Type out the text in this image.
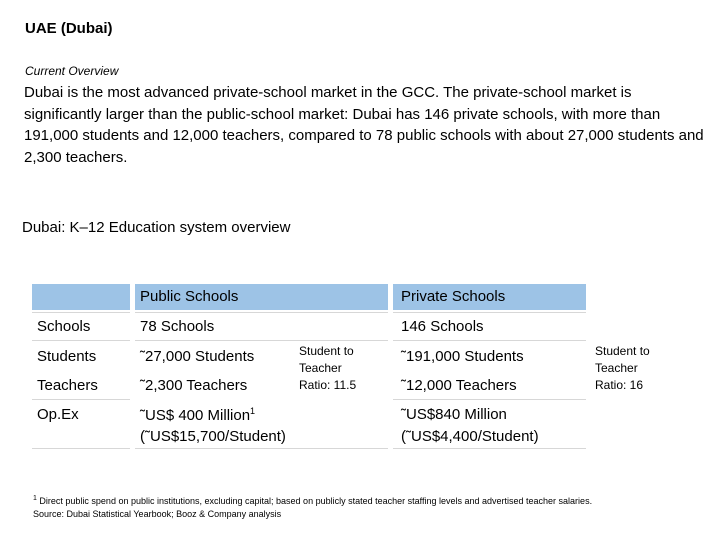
UAE (Dubai)
Current Overview
Dubai is the most advanced private-school market in the GCC. The private-school market is significantly larger than the public-school market: Dubai has 146 private schools, with more than 191,000 students and 12,000 teachers, compared to 78 public schools with about 27,000 students and 2,300 teachers.
Dubai: K–12 Education system overview
Public Schools	Private Schools
Schools
Students
Teachers
Op.Ex
78 Schools
˜27,000 Students
˜2,300 Teachers
˜US$ 400 Million$^1$
(˜US$15,700/Student)
Student to
Teacher
Ratio: 11.5
146 Schools
˜191,000 Students
˜12,000 Teachers
˜US$840 Million
(˜US$4,400/Student)
Student to
Teacher
Ratio: 16
$^1$ Direct public spend on public institutions, excluding capital; based on publicly stated teacher staffing levels and advertised teacher salaries.
Source: Dubai Statistical Yearbook; Booz & Company analysis
